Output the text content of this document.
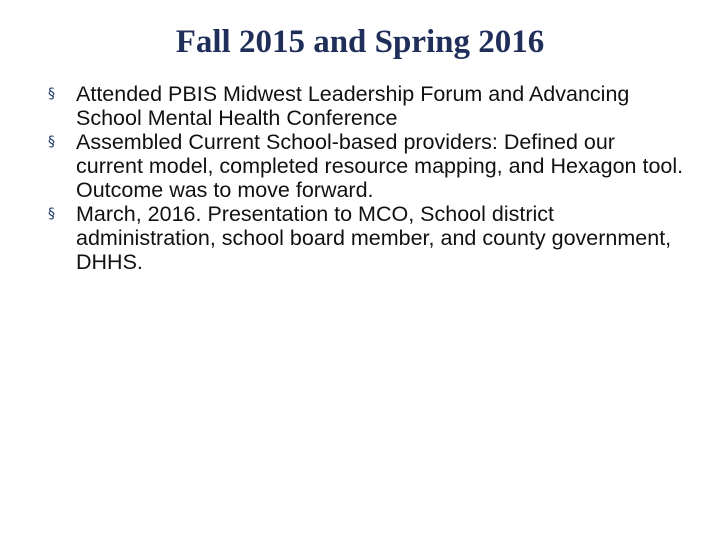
Fall 2015 and Spring 2016
§ Attended PBIS Midwest Leadership Forum and Advancing School Mental Health Conference
§ Assembled Current School-based providers: Defined our current model, completed resource mapping, and Hexagon tool. Outcome was to move forward.
§ March, 2016. Presentation to MCO, School district administration, school board member, and county government, DHHS.
